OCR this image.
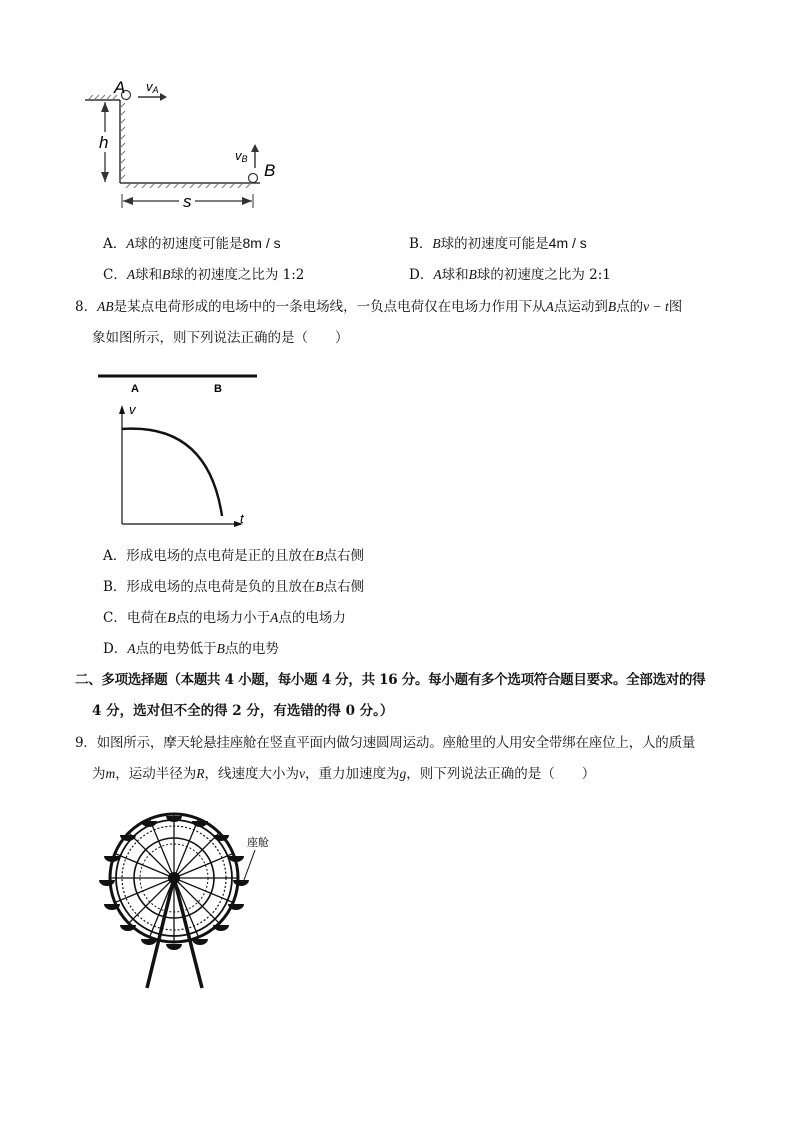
A vA
h
B
vB
s
A．A球的初速度可能是8m / s	B．B球的初速度可能是4m / s
C．A球和B球的初速度之比为 1:2	D．A球和B球的初速度之比为 2:1
8．AB是某点电荷形成的电场中的一条电场线，一负点电荷仅在电场力作用下从A点运动到B点的v − t图
象如图所示，则下列说法正确的是（　　）
A	B
v
t
A．形成电场的点电荷是正的且放在B点右侧
B．形成电场的点电荷是负的且放在B点右侧
C．电荷在B点的电场力小于A点的电场力
D．A点的电势低于B点的电势
二、多项选择题（本题共 4 小题，每小题 4 分，共 16 分。每小题有多个选项符合题目要求。全部选对的得
4 分，选对但不全的得 2 分，有选错的得 0 分。）
9．如图所示，摩天轮悬挂座舱在竖直平面内做匀速圆周运动。座舱里的人用安全带绑在座位上，人的质量
为m，运动半径为R，线速度大小为v，重力加速度为g，则下列说法正确的是（　　）
座舱
